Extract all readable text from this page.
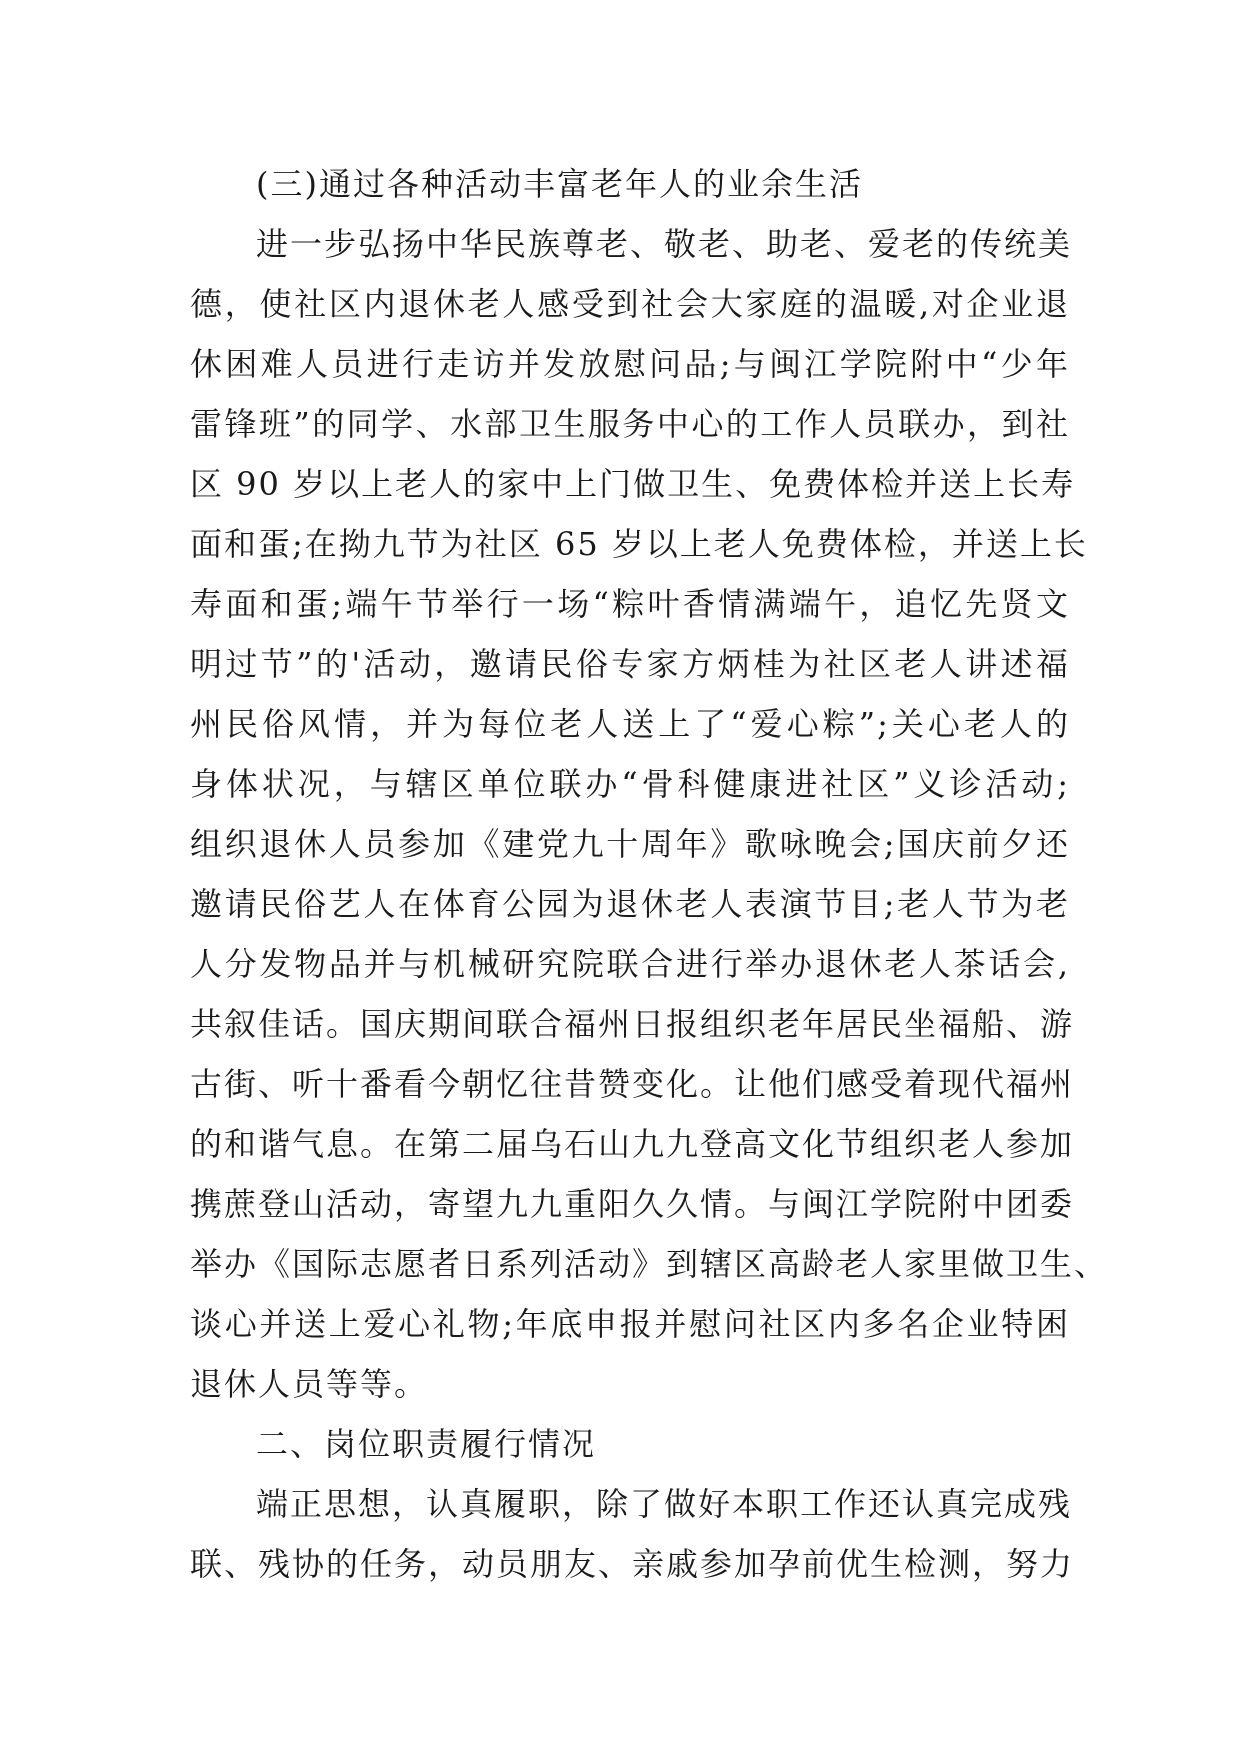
(三)通过各种活动丰富老年人的业余生活
进一步弘扬中华民族尊老、敬老、助老、爱老的传统美
德，使社区内退休老人感受到社会大家庭的温暖,对企业退
休困难人员进行走访并发放慰问品;与闽江学院附中“少年
雷锋班”的同学、水部卫生服务中心的工作人员联办，到社
区 90 岁以上老人的家中上门做卫生、免费体检并送上长寿
面和蛋;在拗九节为社区 65 岁以上老人免费体检，并送上长
寿面和蛋;端午节举行一场“粽叶香情满端午，追忆先贤文
明过节”的'活动，邀请民俗专家方炳桂为社区老人讲述福
州民俗风情，并为每位老人送上了“爱心粽”;关心老人的
身体状况，与辖区单位联办“骨科健康进社区”义诊活动;
组织退休人员参加《建党九十周年》歌咏晚会;国庆前夕还
邀请民俗艺人在体育公园为退休老人表演节目;老人节为老
人分发物品并与机械研究院联合进行举办退休老人茶话会,
共叙佳话。国庆期间联合福州日报组织老年居民坐福船、游
古街、听十番看今朝忆往昔赞变化。让他们感受着现代福州
的和谐气息。在第二届乌石山九九登高文化节组织老人参加
携蔗登山活动，寄望九九重阳久久情。与闽江学院附中团委
举办《国际志愿者日系列活动》到辖区高龄老人家里做卫生、
谈心并送上爱心礼物;年底申报并慰问社区内多名企业特困
退休人员等等。
二、岗位职责履行情况
端正思想，认真履职，除了做好本职工作还认真完成残
联、残协的任务，动员朋友、亲戚参加孕前优生检测，努力
